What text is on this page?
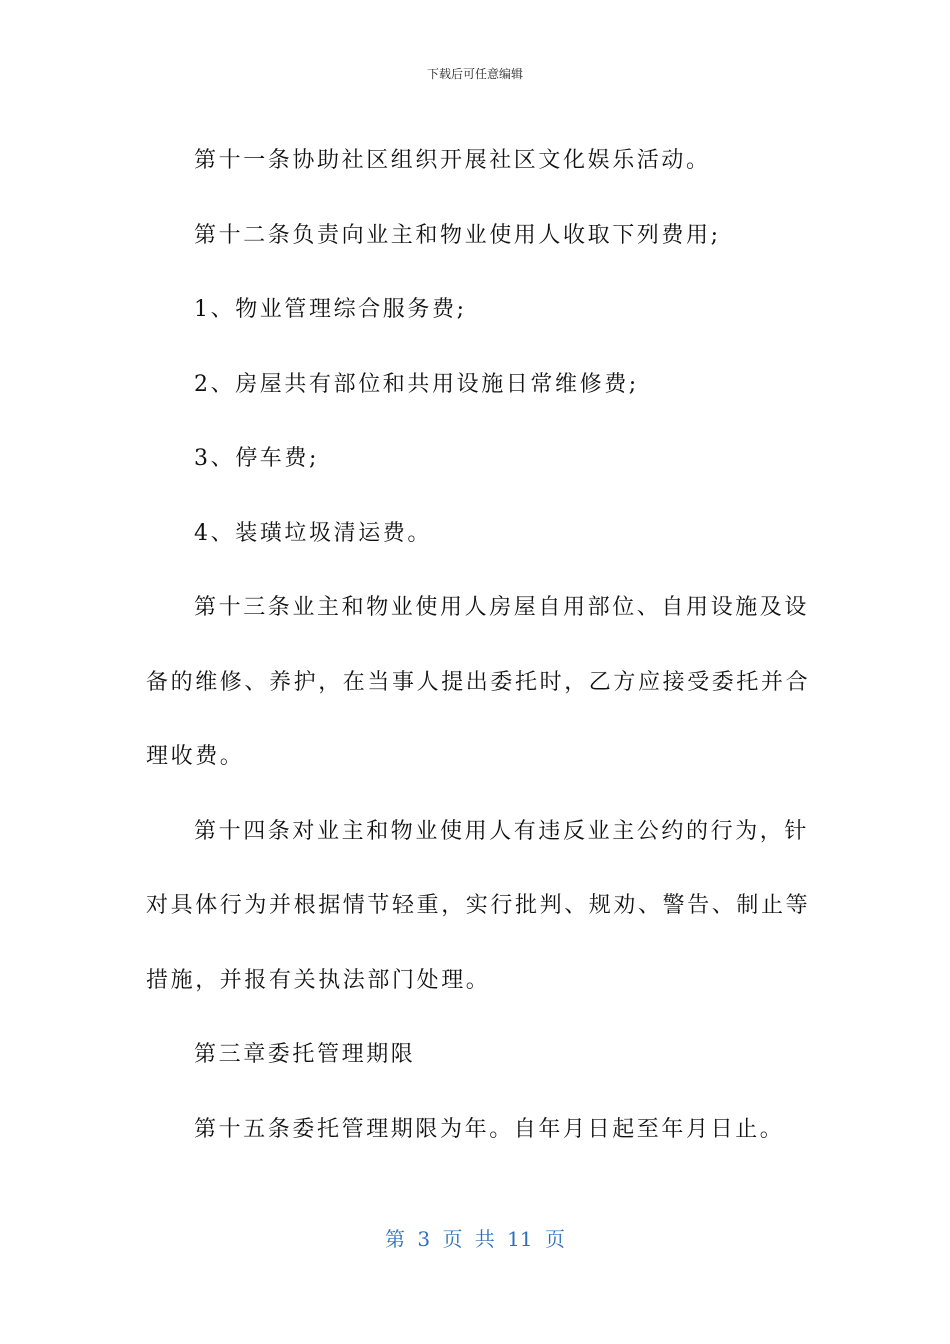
下载后可任意编辑
第十一条协助社区组织开展社区文化娱乐活动。
第十二条负责向业主和物业使用人收取下列费用;
1、物业管理综合服务费;
2、房屋共有部位和共用设施日常维修费;
3、停车费;
4、装璜垃圾清运费。
第十三条业主和物业使用人房屋自用部位、自用设施及设
备的维修、养护，在当事人提出委托时，乙方应接受委托并合
理收费。
第十四条对业主和物业使用人有违反业主公约的行为，针
对具体行为并根据情节轻重，实行批判、规劝、警告、制止等
措施，并报有关执法部门处理。
第三章委托管理期限
第十五条委托管理期限为年。自年月日起至年月日止。
第 3 页 共 11 页
